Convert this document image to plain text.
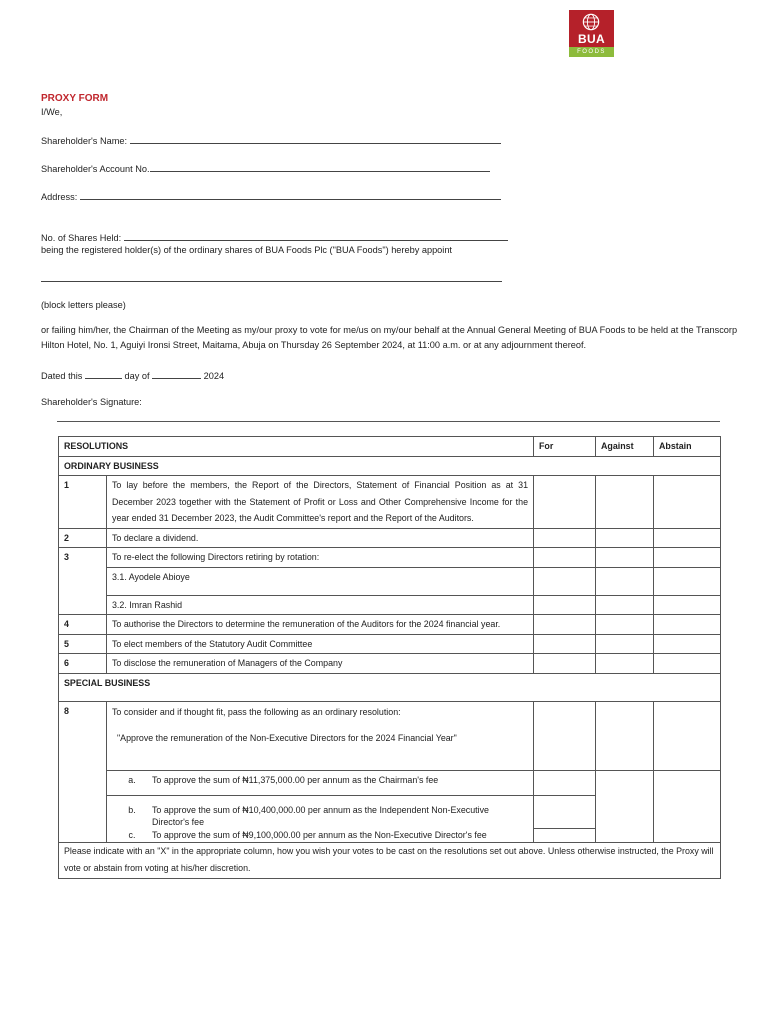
BUA
FOODS
PROXY FORM
I/We,
Shareholder's Name:
Shareholder's Account No.
Address:
No. of Shares Held:
being the registered holder(s) of the ordinary shares of BUA Foods Plc ("BUA Foods") hereby appoint
(block letters please)
or failing him/her, the Chairman of the Meeting as my/our proxy to vote for me/us on my/our behalf at the Annual General Meeting of BUA Foods to be held at the Transcorp Hilton Hotel, No. 1, Aguiyi Ironsi Street, Maitama, Abuja on Thursday 26 September 2024, at 11:00 a.m. or at any adjournment thereof.
Dated this	day of	2024
Shareholder's Signature:
RESOLUTIONS		For	Against	Abstain
ORDINARY BUSINESS				
1	To lay before the members, the Report of the Directors, Statement of Financial Position as at 31 December 2023 together with the Statement of Profit or Loss and Other Comprehensive Income for the year ended 31 December 2023, the Audit Committee's report and the Report of the Auditors.			
2	To declare a dividend.			
3	To re-elect the following Directors retiring by rotation:			
	3.1. Ayodele Abioye			
	3.2. Imran Rashid			
4	To authorise the Directors to determine the remuneration of the Auditors for the 2024 financial year.			
5	To elect members of the Statutory Audit Committee			
6	To disclose the remuneration of Managers of the Company			
SPECIAL BUSINESS				
8	To consider and if thought fit, pass the following as an ordinary resolution:
"Approve the remuneration of the Non-Executive Directors for the 2024 Financial Year"			

	a. To approve the sum of ₦11,375,000.00 per annum as the Chairman's fee			

	b. To approve the sum of ₦10,400,000.00 per annum as the Independent Non-Executive Director's fee			

	c. To approve the sum of ₦9,100,000.00 per annum as the Non-Executive Director's fee			

Please indicate with an "X" in the appropriate column, how you wish your votes to be cast on the resolutions set out above. Unless otherwise instructed, the Proxy will vote or abstain from voting at his/her discretion.				
